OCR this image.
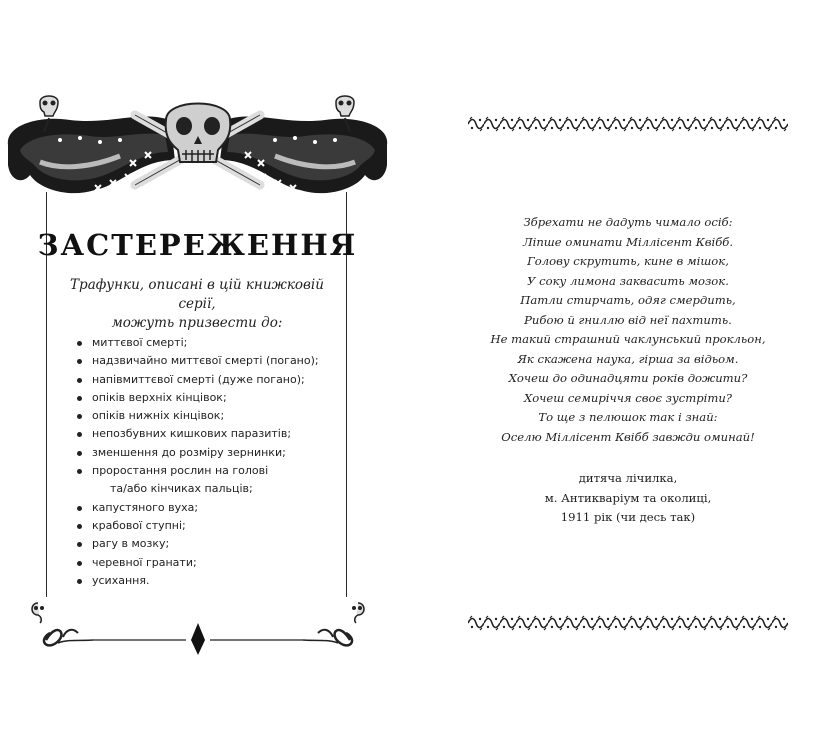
ЗАСТЕРЕЖЕННЯ
Трафунки, описані в цій книжковій серії,
можуть призвести до:
миттєвої смерті;
надзвичайно миттєвої смерті (погано);
напівмиттєвої смерті (дуже погано);
опіків верхніх кінцівок;
опіків нижніх кінцівок;
непозбувних кишкових паразитів;
зменшення до розміру зернинки;
проростання рослин на голові
та/або кінчиках пальців;
капустяного вуха;
крабової ступні;
рагу в мозку;
черевної гранати;
усихання.
Збрехати не дадуть чимало осіб:
Ліпше оминати Міллісент Квібб.
Голову скрутить, кине в мішок,
У соку лимона заквасить мозок.
Патли стирчать, одяг смердить,
Рибою й гниллю від неї пахтить.
Не такий страшний чаклунський прокльон,
Як скажена наука, гірша за відьом.
Хочеш до одинадцяти років дожити?
Хочеш семиріччя своє зустріти?
То ще з пелюшок так і знай:
Оселю Міллісент Квібб завжди оминай!
дитяча лічилка,
м. Антикваріум та околиці,
1911 рік (чи десь так)
